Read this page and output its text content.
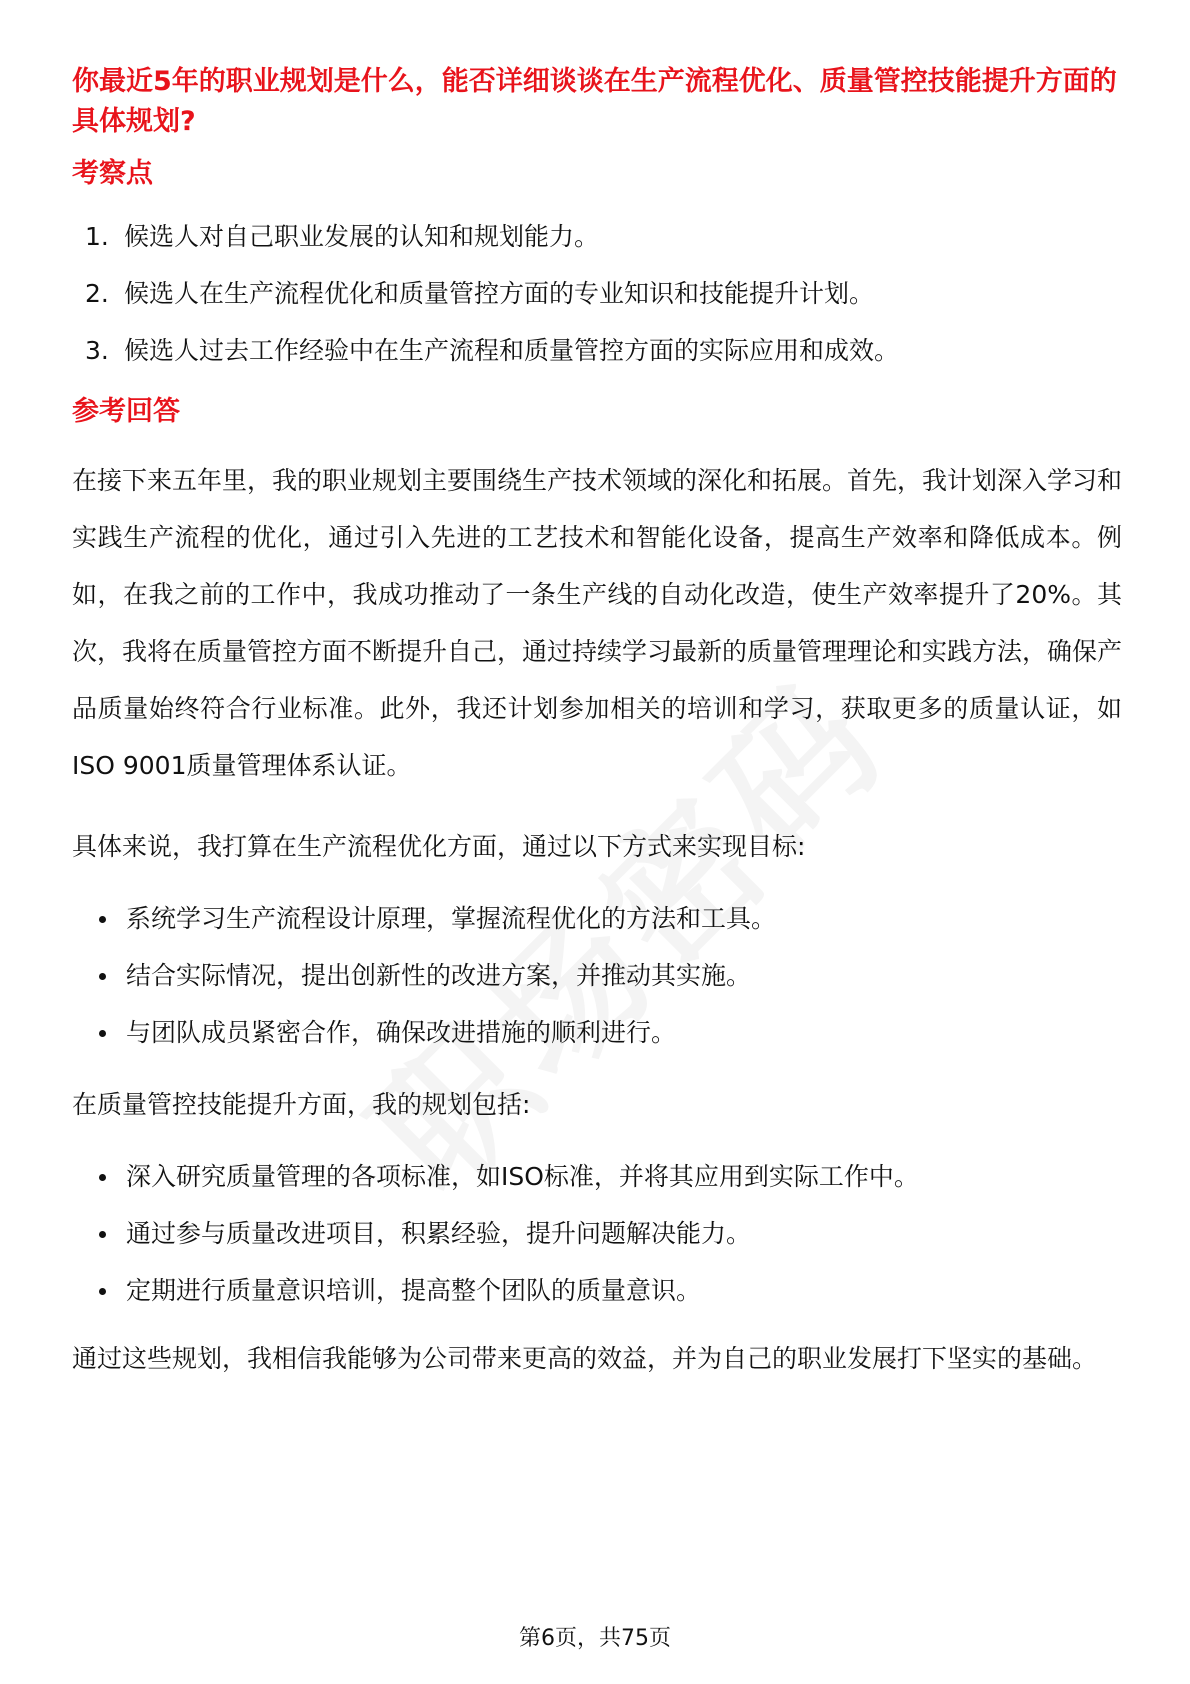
你最近5年的职业规划是什么，能否详细谈谈在生产流程优化、质量管控技能提升方面的具体规划?
考察点
1. 候选人对自己职业发展的认知和规划能力。
2. 候选人在生产流程优化和质量管控方面的专业知识和技能提升计划。
3. 候选人过去工作经验中在生产流程和质量管控方面的实际应用和成效。
参考回答

在接下来五年里，我的职业规划主要围绕生产技术领域的深化和拓展。首先，我计划深入学习和实践生产流程的优化，通过引入先进的工艺技术和智能化设备，提高生产效率和降低成本。例如，在我之前的工作中，我成功推动了一条生产线的自动化改造，使生产效率提升了20%。其次，我将在质量管控方面不断提升自己，通过持续学习最新的质量管理理论和实践方法，确保产品质量始终符合行业标准。此外，我还计划参加相关的培训和学习，获取更多的质量认证，如ISO 9001质量管理体系认证。

具体来说，我打算在生产流程优化方面，通过以下方式来实现目标:

系统学习生产流程设计原理，掌握流程优化的方法和工具。
结合实际情况，提出创新性的改进方案，并推动其实施。
与团队成员紧密合作，确保改进措施的顺利进行。

在质量管控技能提升方面，我的规划包括:

深入研究质量管理的各项标准，如ISO标准，并将其应用到实际工作中。
通过参与质量改进项目，积累经验，提升问题解决能力。
定期进行质量意识培训，提高整个团队的质量意识。

通过这些规划，我相信我能够为公司带来更高的效益，并为自己的职业发展打下坚实的基础。

第6页，共75页
